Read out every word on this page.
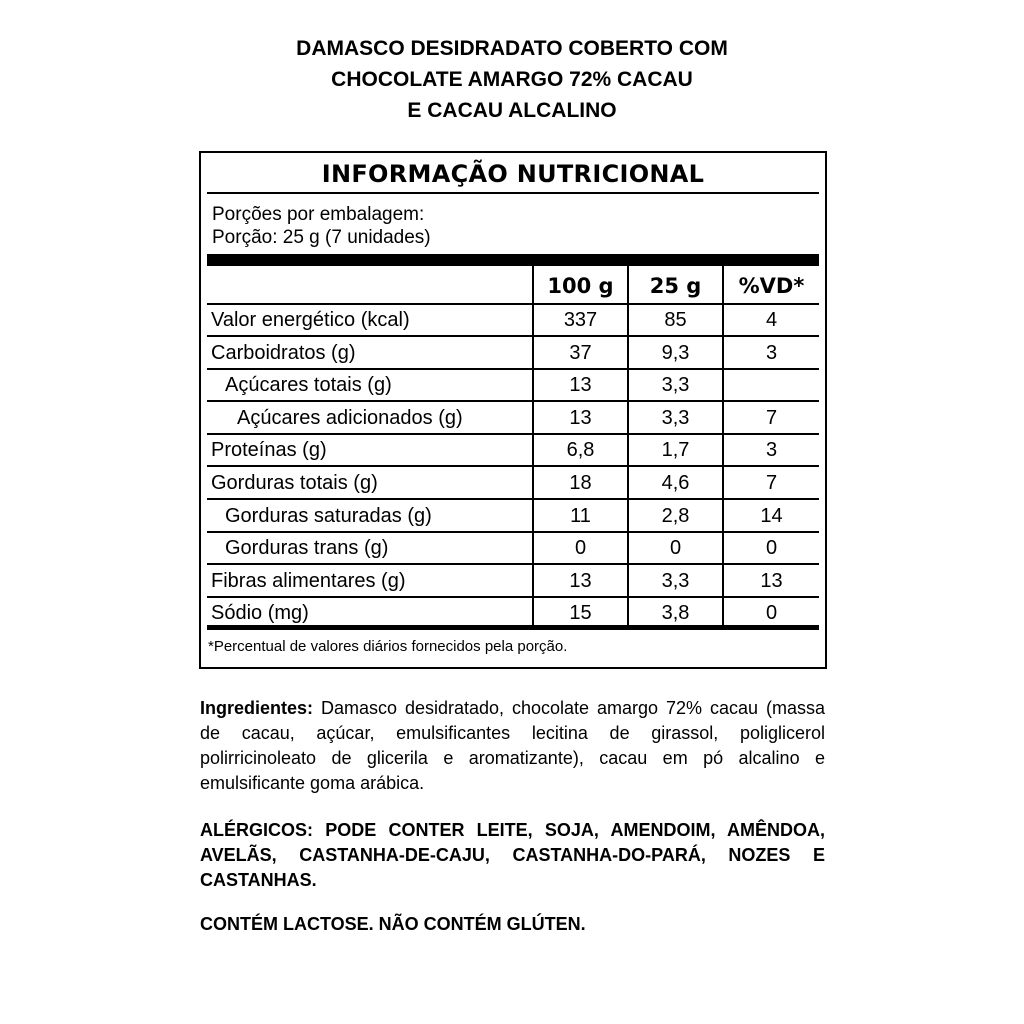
DAMASCO DESIDRADATO COBERTO COM
CHOCOLATE AMARGO 72% CACAU
E CACAU ALCALINO
INFORMAÇÃO NUTRICIONAL
Porções por embalagem:
Porção: 25 g (7 unidades)
100 g	25 g	%VD*
Valor energético (kcal)	337	85	4
Carboidratos (g)	37	9,3	3
Açúcares totais (g)	13	3,3
Açúcares adicionados (g)	13	3,3	7
Proteínas (g)	6,8	1,7	3
Gorduras totais (g)	18	4,6	7
Gorduras saturadas (g)	11	2,8	14
Gorduras trans (g)	0	0	0
Fibras alimentares (g)	13	3,3	13
Sódio (mg)	15	3,8	0
*Percentual de valores diários fornecidos pela porção.
Ingredientes: Damasco desidratado, chocolate amargo 72% cacau (massa de cacau, açúcar, emulsificantes lecitina de girassol, poliglicerol polirricinoleato de glicerila e aromatizante), cacau em pó alcalino e emulsificante goma arábica.
ALÉRGICOS: PODE CONTER LEITE, SOJA, AMENDOIM, AMÊNDOA, AVELÃS, CASTANHA-DE-CAJU, CASTANHA-DO-PARÁ, NOZES E CASTANHAS.
CONTÉM LACTOSE. NÃO CONTÉM GLÚTEN.
